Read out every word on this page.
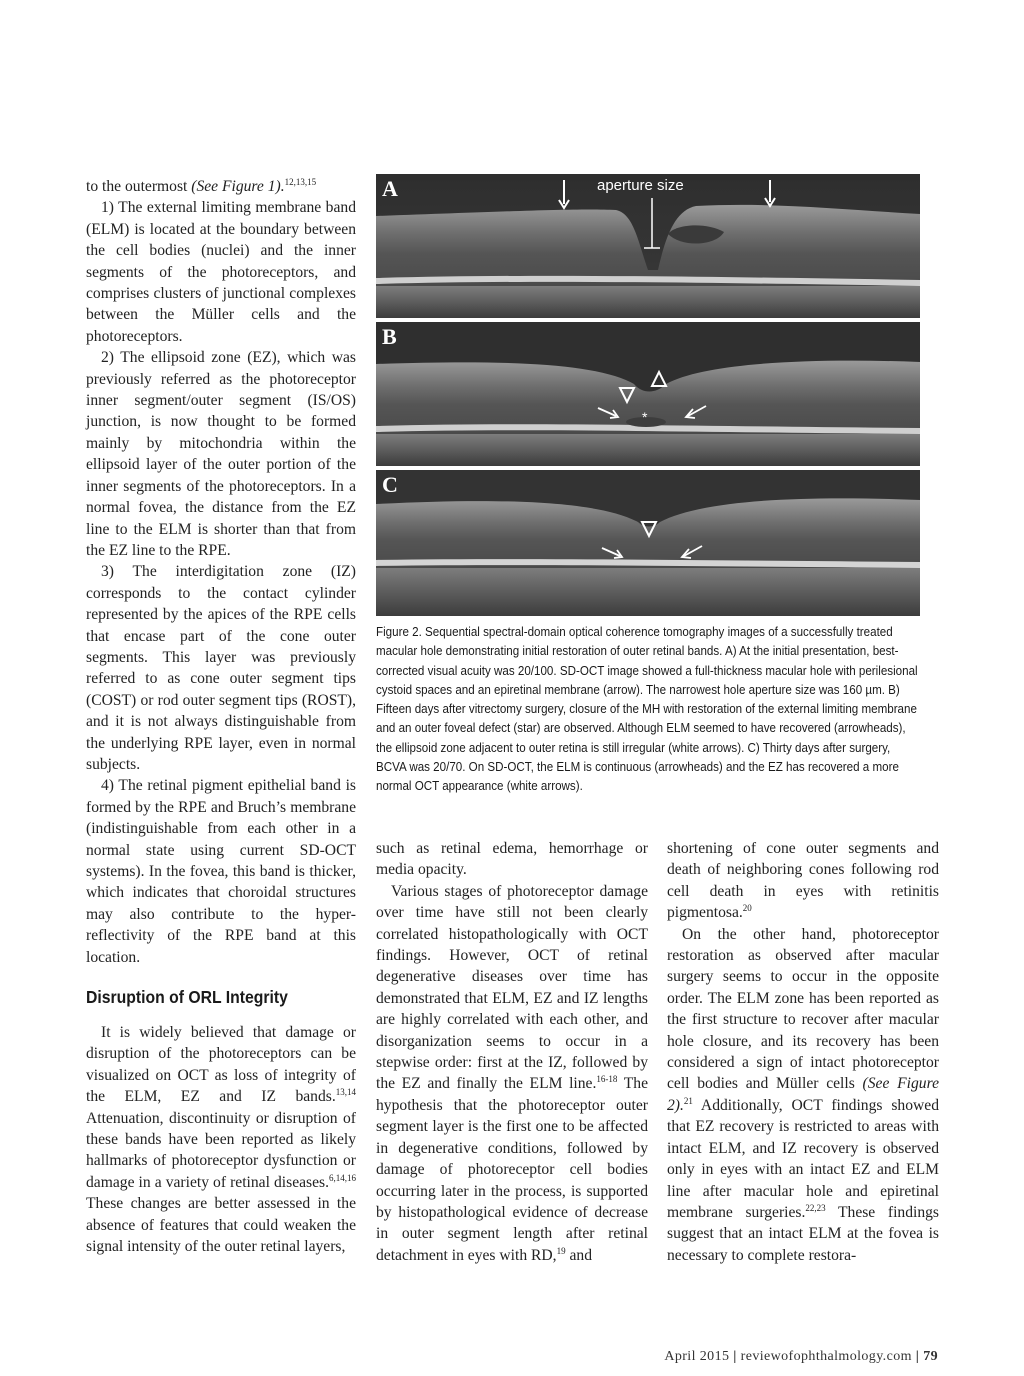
to the outermost (See Figure 1).$^{12,13,15}$

1) The external limiting membrane band (ELM) is located at the boundary between the cell bodies (nuclei) and the inner segments of the photoreceptors, and comprises clusters of junctional complexes between the Müller cells and the photoreceptors.

2) The ellipsoid zone (EZ), which was previously referred as the photoreceptor inner segment/outer segment (IS/OS) junction, is now thought to be formed mainly by mitochondria within the ellipsoid layer of the outer portion of the inner segments of the photoreceptors. In a normal fovea, the distance from the EZ line to the ELM is shorter than that from the EZ line to the RPE.

3) The interdigitation zone (IZ) corresponds to the contact cylinder represented by the apices of the RPE cells that encase part of the cone outer segments. This layer was previously referred to as cone outer segment tips (COST) or rod outer segment tips (ROST), and it is not always distinguishable from the underlying RPE layer, even in normal subjects.

4) The retinal pigment epithelial band is formed by the RPE and Bruch’s membrane (indistinguishable from each other in a normal state using current SD-OCT systems). In the fovea, this band is thicker, which indicates that choroidal structures may also contribute to the hyper-reflectivity of the RPE band at this location.

Disruption of ORL Integrity

It is widely believed that damage or disruption of the photoreceptors can be visualized on OCT as loss of integrity of the ELM, EZ and IZ bands.$^{13,14}$ Attenuation, discontinuity or disruption of these bands have been reported as likely hallmarks of photoreceptor dysfunction or damage in a variety of retinal diseases.$^{6,14,16}$ These changes are better assessed in the absence of features that could weaken the signal intensity of the outer retinal layers,

A	aperture size
*
B
C
Figure 2. Sequential spectral-domain optical coherence tomography images of a successfully treated macular hole demonstrating initial restoration of outer retinal bands. A) At the initial presentation, best-corrected visual acuity was 20/100. SD-OCT image showed a full-thickness macular hole with perilesional cystoid spaces and an epiretinal membrane (arrow). The narrowest hole aperture size was 160 µm. B) Fifteen days after vitrectomy surgery, closure of the MH with restoration of the external limiting membrane and an outer foveal defect (star) are observed. Although ELM seemed to have recovered (arrowheads), the ellipsoid zone adjacent to outer retina is still irregular (white arrows). C) Thirty days after surgery, BCVA was 20/70. On SD-OCT, the ELM is continuous (arrowheads) and the EZ has recovered a more normal OCT appearance (white arrows).

such as retinal edema, hemorrhage or media opacity.

Various stages of photoreceptor damage over time have still not been clearly correlated histopathologically with OCT findings. However, OCT of retinal degenerative diseases over time has demonstrated that ELM, EZ and IZ lengths are highly correlated with each other, and disorganization seems to occur in a stepwise order: first at the IZ, followed by the EZ and finally the ELM line.$^{16-18}$ The hypothesis that the photoreceptor outer segment layer is the first one to be affected in degenerative conditions, followed by damage of photoreceptor cell bodies occurring later in the process, is supported by histopathological evidence of decrease in outer segment length after retinal detachment in eyes with RD,$^{19}$ and

shortening of cone outer segments and death of neighboring cones following rod cell death in eyes with retinitis pigmentosa.$^{20}$

On the other hand, photoreceptor restoration as observed after macular surgery seems to occur in the opposite order. The ELM zone has been reported as the first structure to recover after macular hole closure, and its recovery has been considered a sign of intact photoreceptor cell bodies and Müller cells (See Figure 2).$^{21}$ Additionally, OCT findings showed that EZ recovery is restricted to areas with intact ELM, and IZ recovery is observed only in eyes with an intact EZ and ELM line after macular hole and epiretinal membrane surgeries.$^{22,23}$ These findings suggest that an intact ELM at the fovea is necessary to complete restora-

April 2015 | reviewofophthalmology.com | 79
